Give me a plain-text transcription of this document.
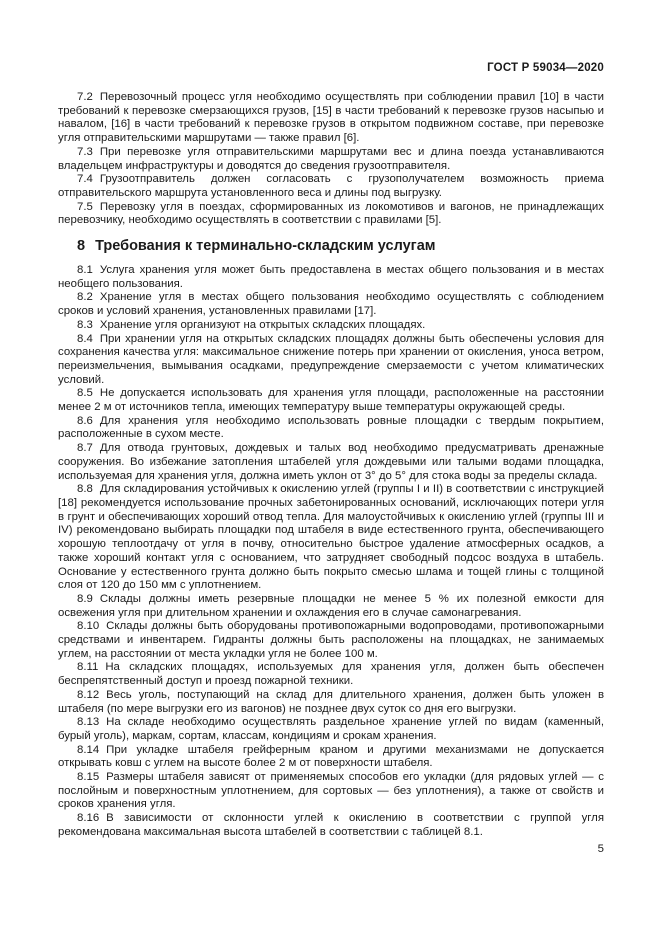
ГОСТ Р 59034—2020

7.2 Перевозочный процесс угля необходимо осуществлять при соблюдении правил [10] в части требований к перевозке смерзающихся грузов, [15] в части требований к перевозке грузов насыпью и навалом, [16] в части требований к перевозке грузов в открытом подвижном составе, при перевозке угля отправительскими маршрутами — также правил [6].

7.3 При перевозке угля отправительскими маршрутами вес и длина поезда устанавливаются владельцем инфраструктуры и доводятся до сведения грузоотправителя.

7.4 Грузоотправитель должен согласовать с грузополучателем возможность приема отправительского маршрута установленного веса и длины под выгрузку.

7.5 Перевозку угля в поездах, сформированных из локомотивов и вагонов, не принадлежащих перевозчику, необходимо осуществлять в соответствии с правилами [5].

8 Требования к терминально-складским услугам

8.1 Услуга хранения угля может быть предоставлена в местах общего пользования и в местах необщего пользования.

8.2 Хранение угля в местах общего пользования необходимо осуществлять с соблюдением сроков и условий хранения, установленных правилами [17].

8.3 Хранение угля организуют на открытых складских площадях.

8.4 При хранении угля на открытых складских площадях должны быть обеспечены условия для сохранения качества угля: максимальное снижение потерь при хранении от окисления, уноса ветром, переизмельчения, вымывания осадками, предупреждение смерзаемости с учетом климатических условий.

8.5 Не допускается использовать для хранения угля площади, расположенные на расстоянии менее 2 м от источников тепла, имеющих температуру выше температуры окружающей среды.

8.6 Для хранения угля необходимо использовать ровные площадки с твердым покрытием, расположенные в сухом месте.

8.7 Для отвода грунтовых, дождевых и талых вод необходимо предусматривать дренажные сооружения. Во избежание затопления штабелей угля дождевыми или талыми водами площадка, используемая для хранения угля, должна иметь уклон от 3° до 5° для стока воды за пределы склада.

8.8 Для складирования устойчивых к окислению углей (группы I и II) в соответствии с инструкцией [18] рекомендуется использование прочных забетонированных оснований, исключающих потери угля в грунт и обеспечивающих хороший отвод тепла. Для малоустойчивых к окислению углей (группы III и IV) рекомендовано выбирать площадки под штабеля в виде естественного грунта, обеспечивающего хорошую теплоотдачу от угля в почву, относительно быстрое удаление атмосферных осадков, а также хороший контакт угля с основанием, что затрудняет свободный подсос воздуха в штабель. Основание у естественного грунта должно быть покрыто смесью шлама и тощей глины с толщиной слоя от 120 до 150 мм с уплотнением.

8.9 Склады должны иметь резервные площадки не менее 5 % их полезной емкости для освежения угля при длительном хранении и охлаждения его в случае самонагревания.

8.10 Склады должны быть оборудованы противопожарными водопроводами, противопожарными средствами и инвентарем. Гидранты должны быть расположены на площадках, не занимаемых углем, на расстоянии от места укладки угля не более 100 м.

8.11 На складских площадях, используемых для хранения угля, должен быть обеспечен беспрепятственный доступ и проезд пожарной техники.

8.12 Весь уголь, поступающий на склад для длительного хранения, должен быть уложен в штабеля (по мере выгрузки его из вагонов) не позднее двух суток со дня его выгрузки.

8.13 На складе необходимо осуществлять раздельное хранение углей по видам (каменный, бурый уголь), маркам, сортам, классам, кондициям и срокам хранения.

8.14 При укладке штабеля грейферным краном и другими механизмами не допускается открывать ковш с углем на высоте более 2 м от поверхности штабеля.

8.15 Размеры штабеля зависят от применяемых способов его укладки (для рядовых углей — с послойным и поверхностным уплотнением, для сортовых — без уплотнения), а также от свойств и сроков хранения угля.

8.16 В зависимости от склонности углей к окислению в соответствии с группой угля рекомендована максимальная высота штабелей в соответствии с таблицей 8.1.

5
